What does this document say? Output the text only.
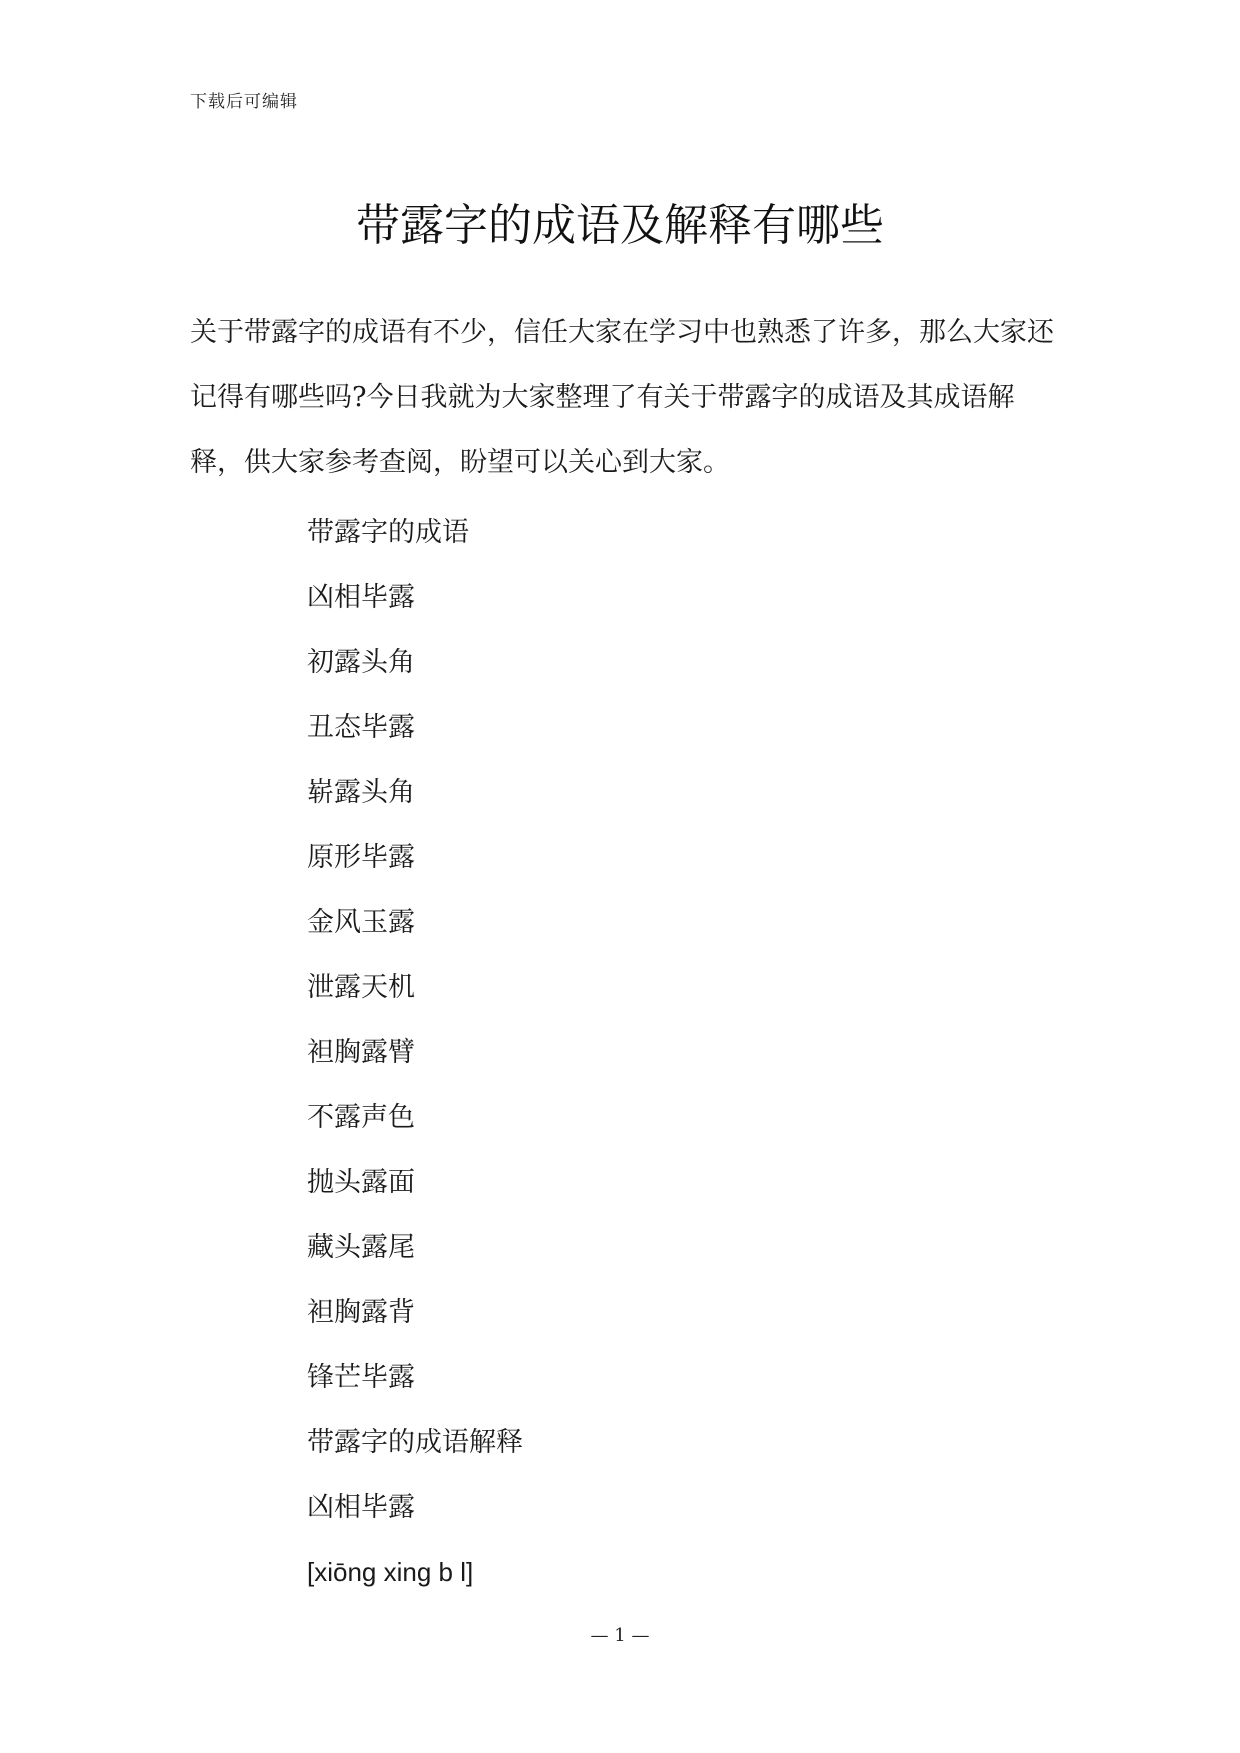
下载后可编辑
带露字的成语及解释有哪些

关于带露字的成语有不少，信任大家在学习中也熟悉了许多，那么大家还记得有哪些吗?今日我就为大家整理了有关于带露字的成语及其成语解释，供大家参考查阅，盼望可以关心到大家。

带露字的成语
凶相毕露
初露头角
丑态毕露
崭露头角
原形毕露
金风玉露
泄露天机
袒胸露臂
不露声色
抛头露面
藏头露尾
袒胸露背
锋芒毕露
带露字的成语解释
凶相毕露
[xiōng xing b l]
— 1 —
